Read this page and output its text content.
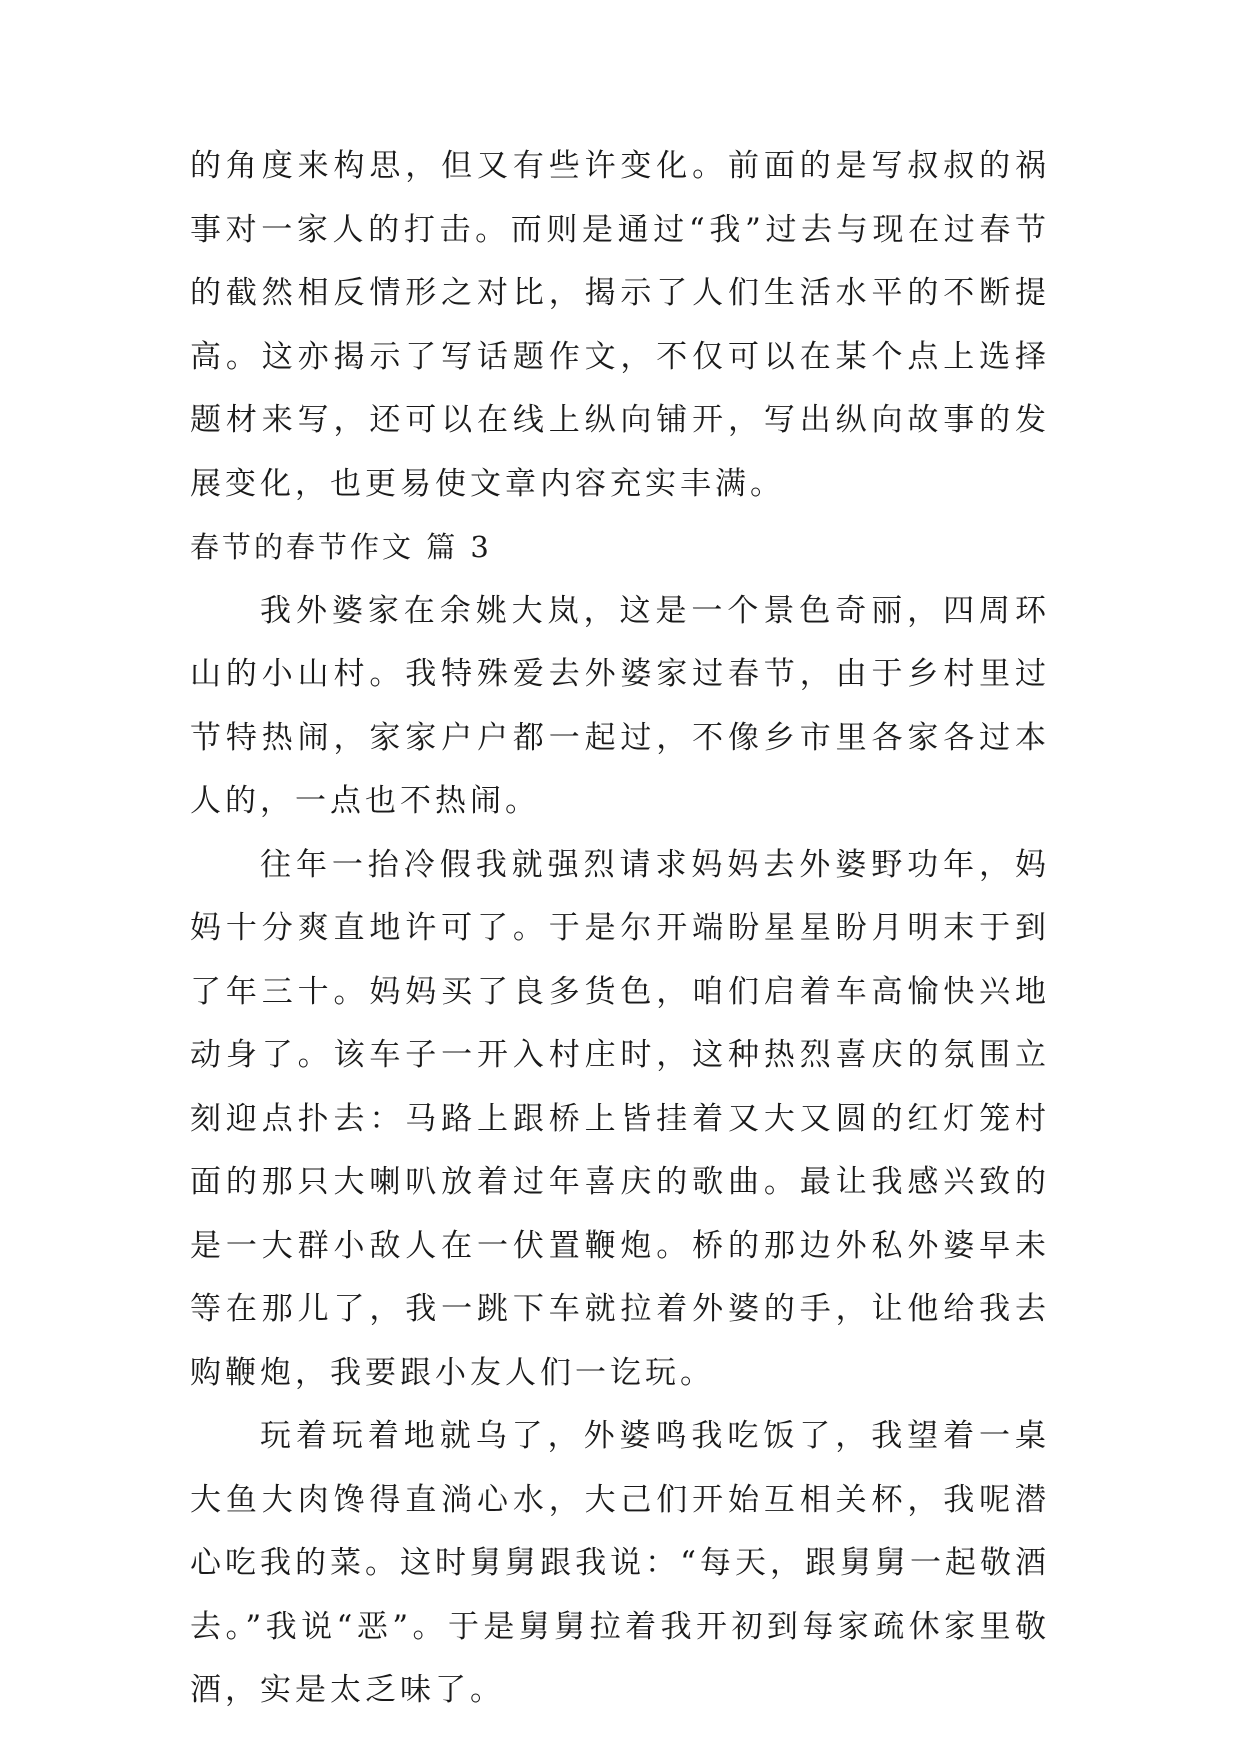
的角度来构思，但又有些许变化。前面的是写叔叔的祸事对一家人的打击。而则是通过“我”过去与现在过春节的截然相反情形之对比，揭示了人们生活水平的不断提高。这亦揭示了写话题作文，不仅可以在某个点上选择题材来写，还可以在线上纵向铺开，写出纵向故事的发展变化，也更易使文章内容充实丰满。

春节的春节作文 篇 3

我外婆家在余姚大岚，这是一个景色奇丽，四周环山的小山村。我特殊爱去外婆家过春节，由于乡村里过节特热闹，家家户户都一起过，不像乡市里各家各过本人的，一点也不热闹。

往年一抬冷假我就强烈请求妈妈去外婆野功年，妈妈十分爽直地许可了。于是尔开端盼星星盼月明末于到了年三十。妈妈买了良多货色，咱们启着车高愉快兴地动身了。该车子一开入村庄时，这种热烈喜庆的氛围立刻迎点扑去：马路上跟桥上皆挂着又大又圆的红灯笼村面的那只大喇叭放着过年喜庆的歌曲。最让我感兴致的是一大群小敌人在一伏置鞭炮。桥的那边外私外婆早未等在那儿了，我一跳下车就拉着外婆的手，让他给我去购鞭炮，我要跟小友人们一讫玩。

玩着玩着地就乌了，外婆鸣我吃饭了，我望着一桌大鱼大肉馋得直淌心水，大己们开始互相关杯，我呢潜心吃我的菜。这时舅舅跟我说：“每天，跟舅舅一起敬酒去。”我说“恶”。于是舅舅拉着我开初到每家疏休家里敬酒，实是太乏味了。
